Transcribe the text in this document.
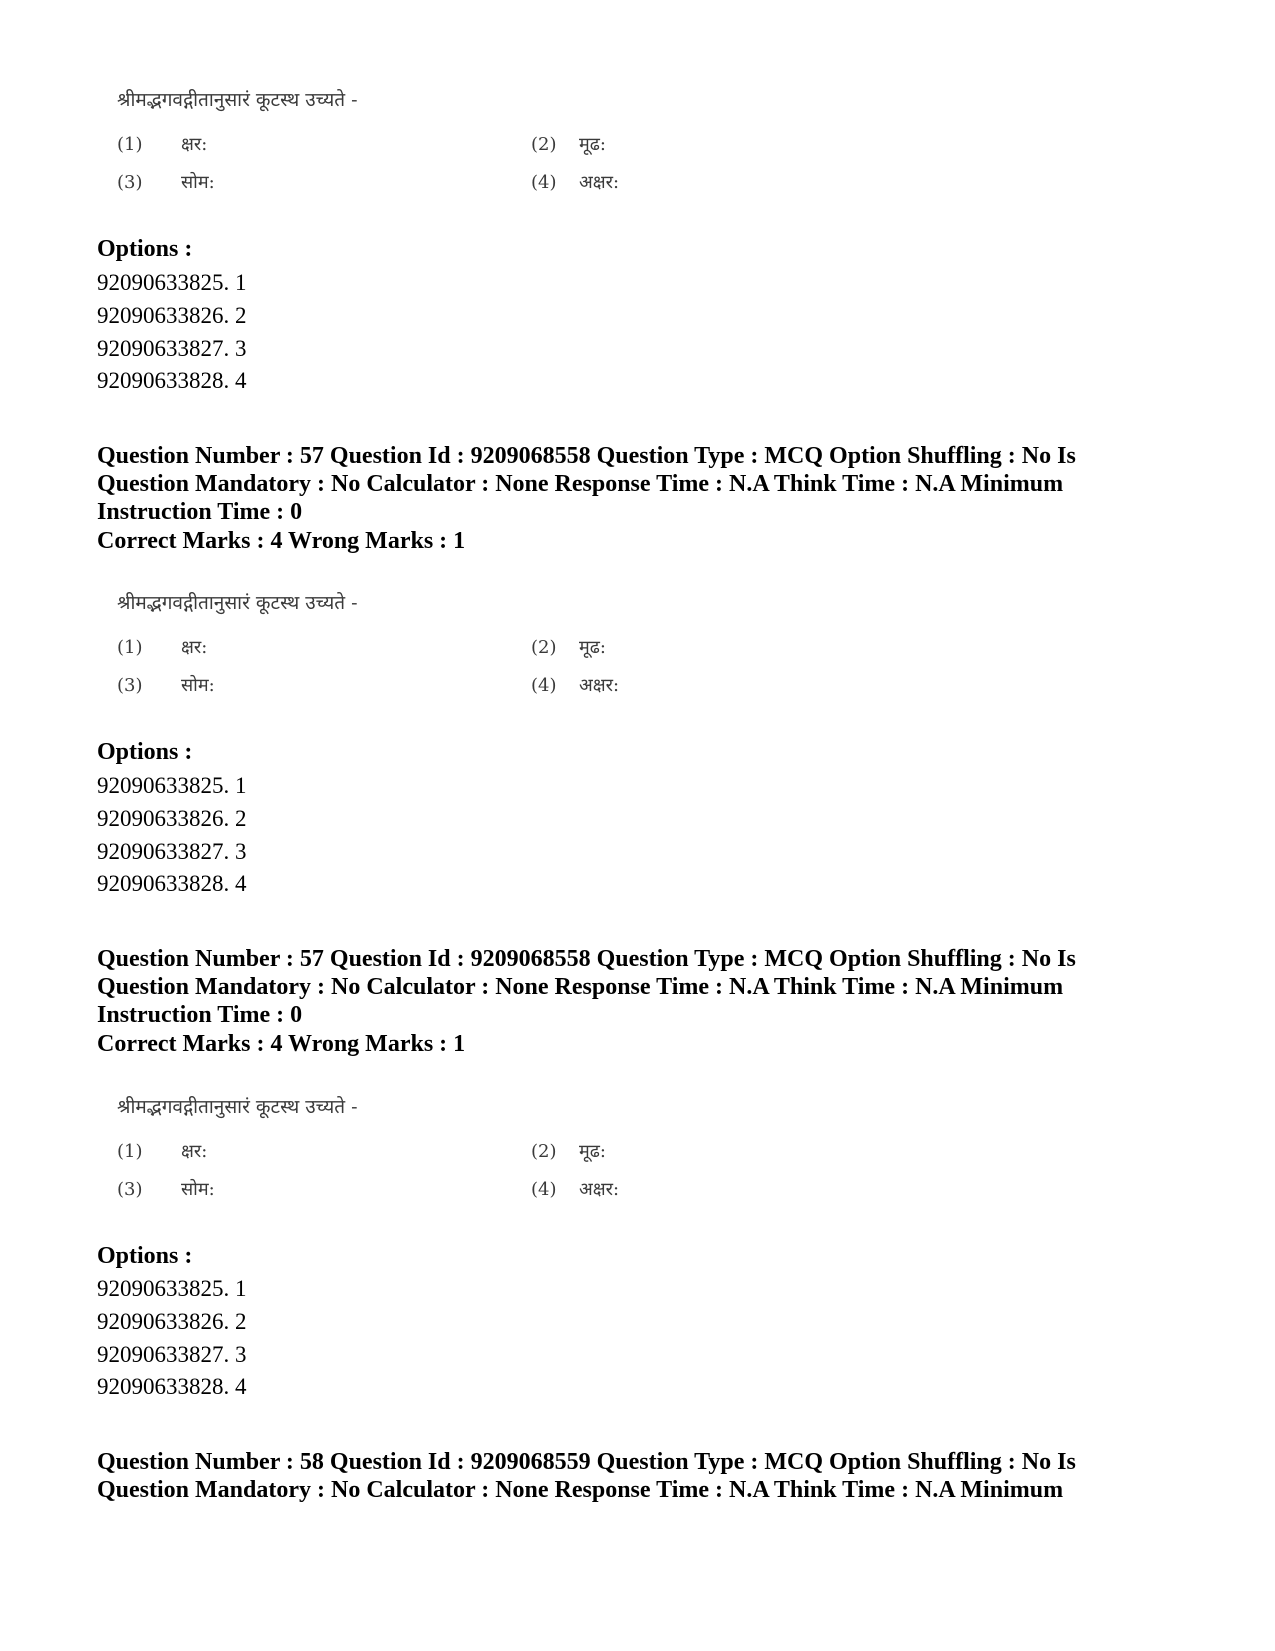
श्रीमद्भगवद्गीतानुसारं कूटस्थ उच्यते -
(1) क्षर:	(2) मूढ:
(3) सोम:	(4) अक्षर:
Options :
92090633825. 1
92090633826. 2
92090633827. 3
92090633828. 4
Question Number : 57 Question Id : 9209068558 Question Type : MCQ Option Shuffling : No Is
Question Mandatory : No Calculator : None Response Time : N.A Think Time : N.A Minimum
Instruction Time : 0
Correct Marks : 4 Wrong Marks : 1
श्रीमद्भगवद्गीतानुसारं कूटस्थ उच्यते -
(1) क्षर:	(2) मूढ:
(3) सोम:	(4) अक्षर:
Options :
92090633825. 1
92090633826. 2
92090633827. 3
92090633828. 4
Question Number : 57 Question Id : 9209068558 Question Type : MCQ Option Shuffling : No Is
Question Mandatory : No Calculator : None Response Time : N.A Think Time : N.A Minimum
Instruction Time : 0
Correct Marks : 4 Wrong Marks : 1
श्रीमद्भगवद्गीतानुसारं कूटस्थ उच्यते -
(1) क्षर:	(2) मूढ:
(3) सोम:	(4) अक्षर:
Options :
92090633825. 1
92090633826. 2
92090633827. 3
92090633828. 4
Question Number : 58 Question Id : 9209068559 Question Type : MCQ Option Shuffling : No Is
Question Mandatory : No Calculator : None Response Time : N.A Think Time : N.A Minimum
